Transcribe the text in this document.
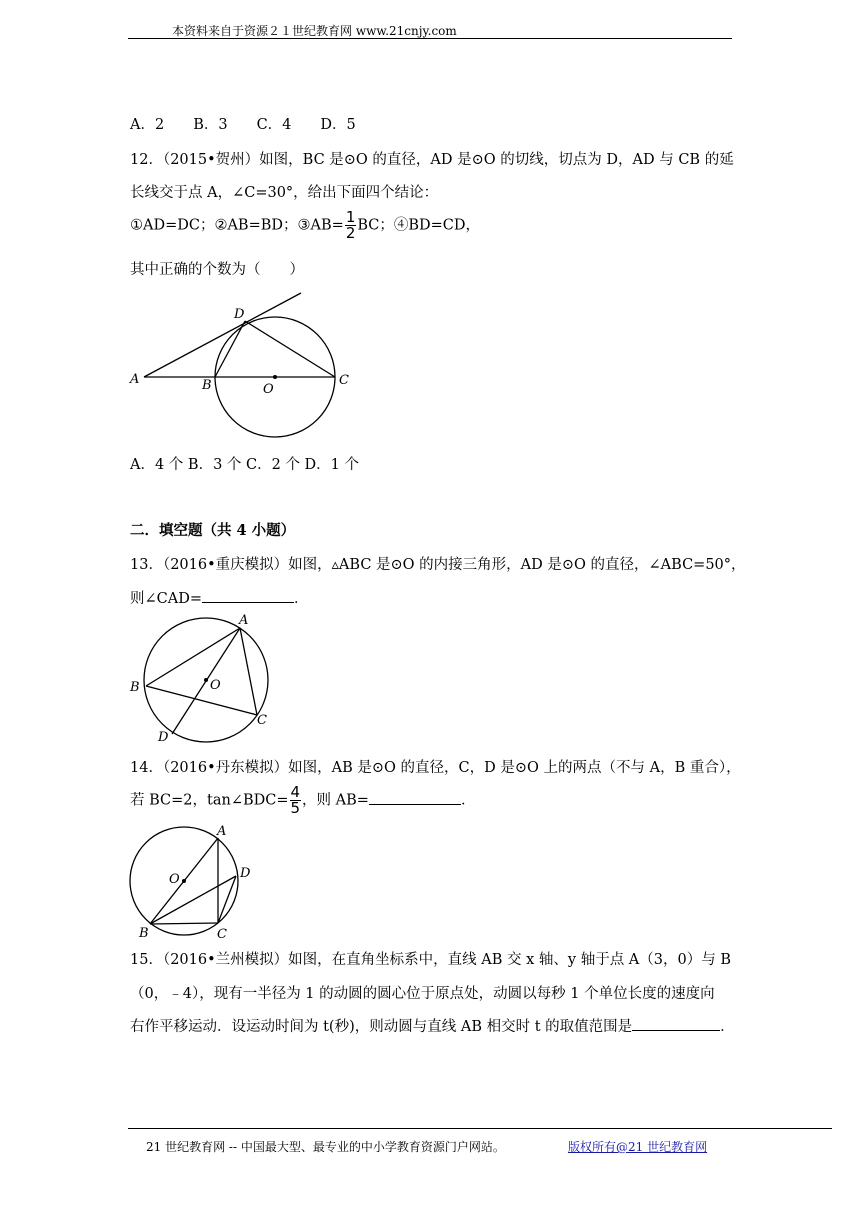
本资料来自于资源２１世纪教育网 www.21cnjy.com
A．2　　B．3　　C．4　　D．5
12．（2015•贺州）如图，BC 是⊙O 的直径，AD 是⊙O 的切线，切点为 D，AD 与 CB 的延
长线交于点 A，∠C=30°，给出下面四个结论：
①AD=DC；②AB=BD；③AB= $\frac{1}{2}$ BC；④BD=CD，
其中正确的个数为（　　）
A	B	O
C
D
A．4 个 B．3 个 C．2 个 D．1 个
二．填空题（共 4 小题）
13．（2016•重庆模拟）如图，▵ABC 是⊙O 的内接三角形，AD 是⊙O 的直径，∠ABC=50°，
则∠CAD=	．
A
B
C
D
O
14．（2016•丹东模拟）如图，AB 是⊙O 的直径，C，D 是⊙O 上的两点（不与 A，B 重合），
若 BC=2，tan∠BDC= $\frac{4}{5}$ ，则 AB=	．
A
B	C
D
O
15．（2016•兰州模拟）如图，在直角坐标系中，直线 AB 交 x 轴、y 轴于点 A（3，0）与 B
（0，﹣4），现有一半径为 1 的动圆的圆心位于原点处，动圆以每秒 1 个单位长度的速度向
右作平移运动．设运动时间为 t(秒)，则动圆与直线 AB 相交时 t 的取值范围是	．
21 世纪教育网 -- 中国最大型、最专业的中小学教育资源门户网站。	版权所有@21 世纪教育网
